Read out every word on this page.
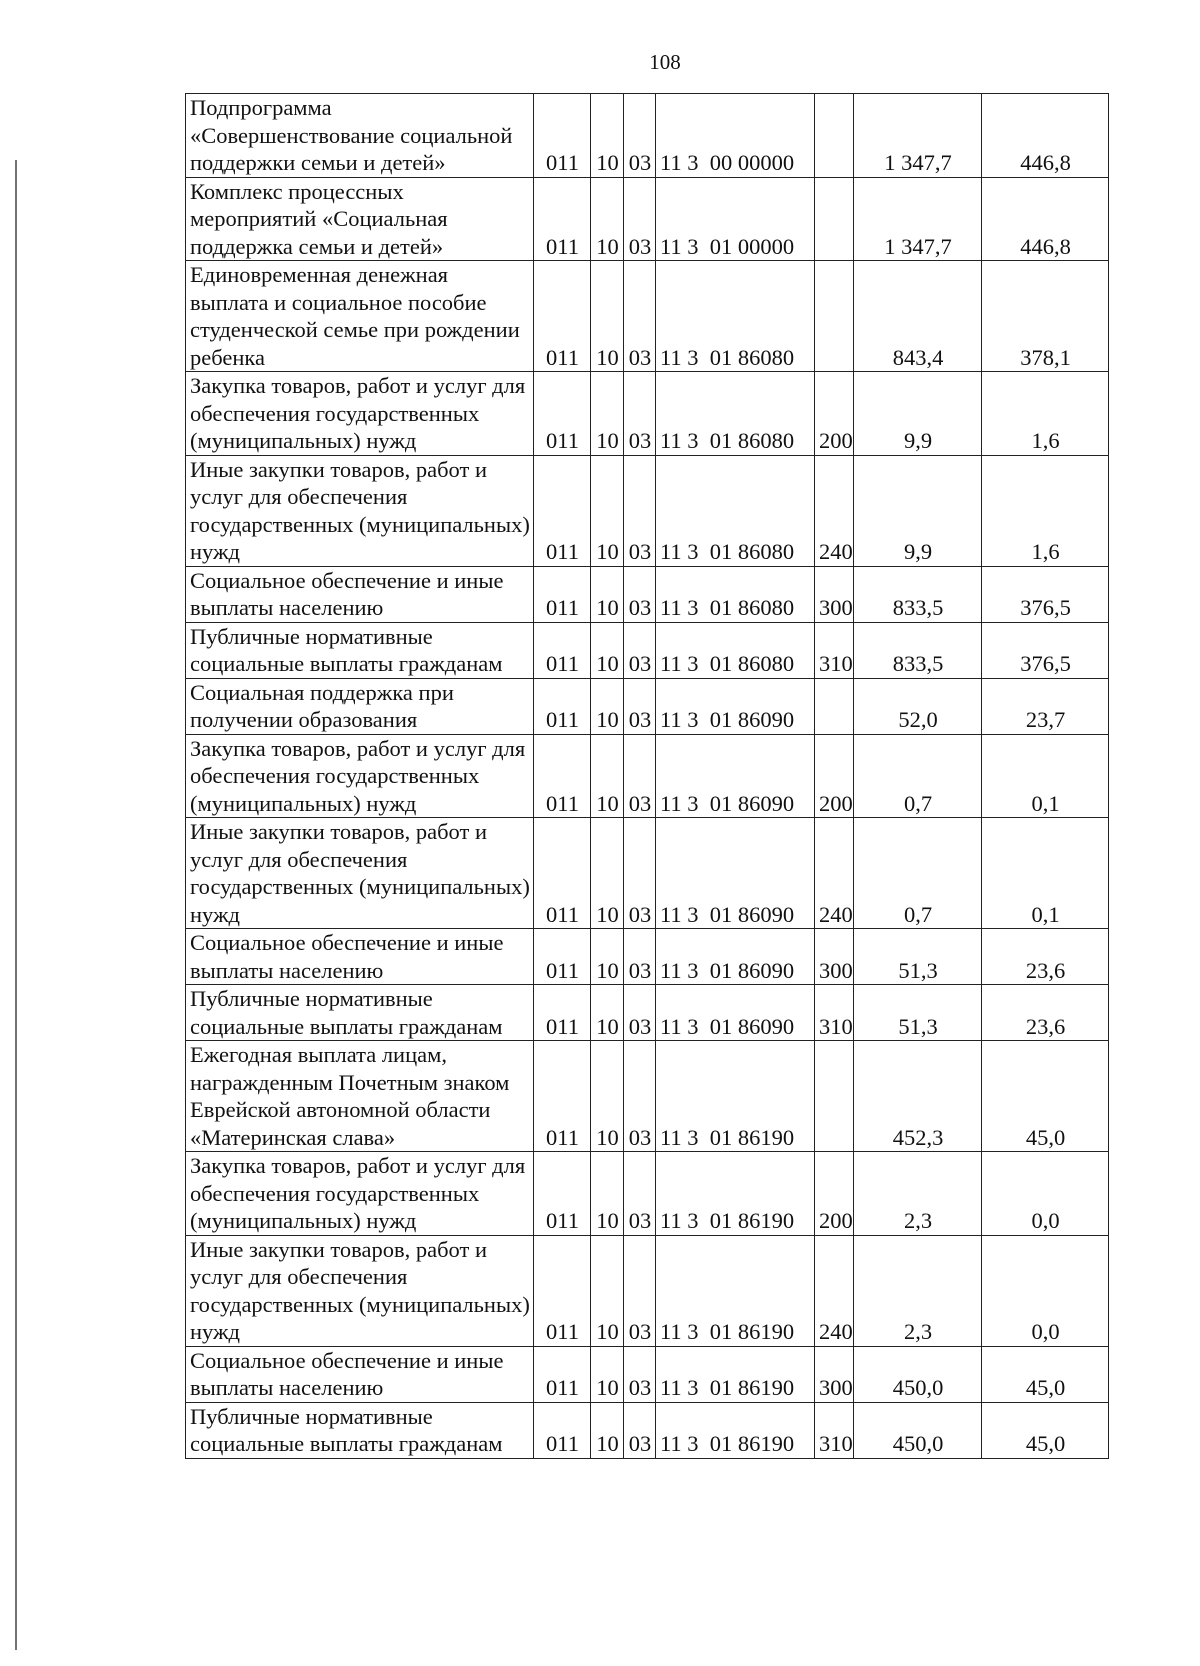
108
Подпрограмма «Совершенствование социальной поддержки семьи и детей»	011	10	03	11 3  00 00000		1 347,7	446,8
Комплекс процессных мероприятий «Социальная поддержка семьи и детей»	011	10	03	11 3  01 00000		1 347,7	446,8
Единовременная денежная выплата и социальное пособие студенческой семье при рождении ребенка	011	10	03	11 3  01 86080		843,4	378,1
Закупка товаров, работ и услуг для обеспечения государственных (муниципальных) нужд	011	10	03	11 3  01 86080	200	9,9	1,6
Иные закупки товаров, работ и услуг для обеспечения государственных (муниципальных) нужд	011	10	03	11 3  01 86080	240	9,9	1,6
Социальное обеспечение и иные выплаты населению	011	10	03	11 3  01 86080	300	833,5	376,5
Публичные нормативные социальные выплаты гражданам	011	10	03	11 3  01 86080	310	833,5	376,5
Социальная поддержка при получении образования	011	10	03	11 3  01 86090		52,0	23,7
Закупка товаров, работ и услуг для обеспечения государственных (муниципальных) нужд	011	10	03	11 3  01 86090	200	0,7	0,1
Иные закупки товаров, работ и услуг для обеспечения государственных (муниципальных) нужд	011	10	03	11 3  01 86090	240	0,7	0,1
Социальное обеспечение и иные выплаты населению	011	10	03	11 3  01 86090	300	51,3	23,6
Публичные нормативные социальные выплаты гражданам	011	10	03	11 3  01 86090	310	51,3	23,6
Ежегодная выплата лицам, награжденным Почетным знаком Еврейской автономной области «Материнская слава»	011	10	03	11 3  01 86190		452,3	45,0
Закупка товаров, работ и услуг для обеспечения государственных (муниципальных) нужд	011	10	03	11 3  01 86190	200	2,3	0,0
Иные закупки товаров, работ и услуг для обеспечения государственных (муниципальных) нужд	011	10	03	11 3  01 86190	240	2,3	0,0
Социальное обеспечение и иные выплаты населению	011	10	03	11 3  01 86190	300	450,0	45,0
Публичные нормативные социальные выплаты гражданам	011	10	03	11 3  01 86190	310	450,0	45,0
